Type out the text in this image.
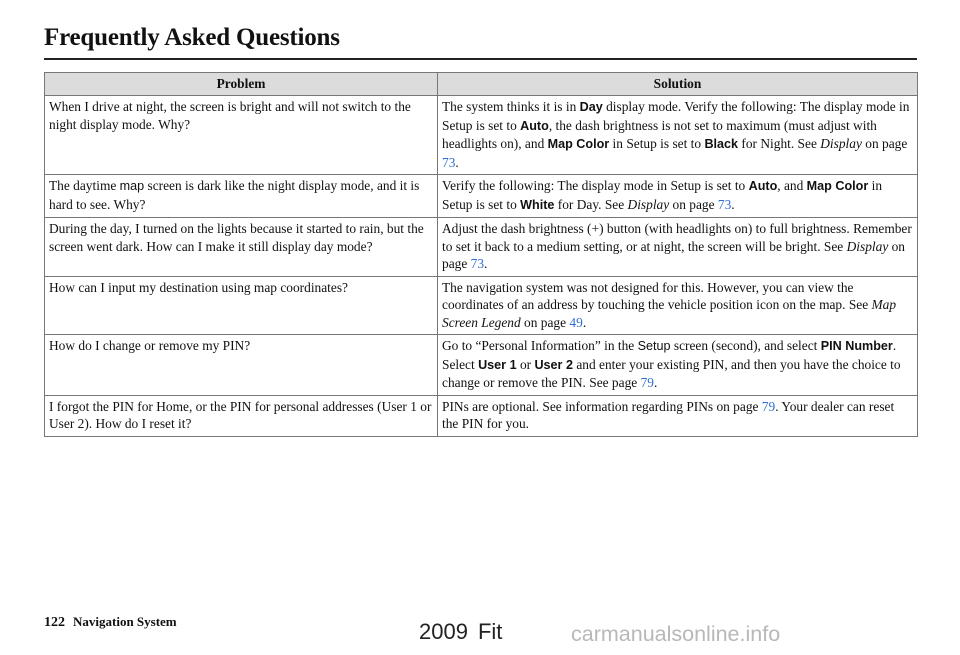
Frequently Asked Questions
Problem	Solution
When I drive at night, the screen is bright and will not switch to the night display mode. Why?	The system thinks it is in Day display mode. Verify the following: The display mode in Setup is set to Auto, the dash brightness is not set to maximum (must adjust with headlights on), and Map Color in Setup is set to Black for Night. See Display on page 73.
The daytime map screen is dark like the night display mode, and it is hard to see. Why?	Verify the following: The display mode in Setup is set to Auto, and Map Color in Setup is set to White for Day. See Display on page 73.
During the day, I turned on the lights because it started to rain, but the screen went dark. How can I make it still display day mode?	Adjust the dash brightness (+) button (with headlights on) to full brightness. Remember to set it back to a medium setting, or at night, the screen will be bright. See Display on page 73.
How can I input my destination using map coordinates?	The navigation system was not designed for this. However, you can view the coordinates of an address by touching the vehicle position icon on the map. See Map Screen Legend on page 49.
How do I change or remove my PIN?	Go to “Personal Information” in the Setup screen (second), and select PIN Number. Select User 1 or User 2 and enter your existing PIN, and then you have the choice to change or remove the PIN. See page 79.
I forgot the PIN for Home, or the PIN for personal addresses (User 1 or User 2). How do I reset it?	PINs are optional. See information regarding PINs on page 79. Your dealer can reset the PIN for you.
122 Navigation System	2009 Fit	carmanualsonline.info
